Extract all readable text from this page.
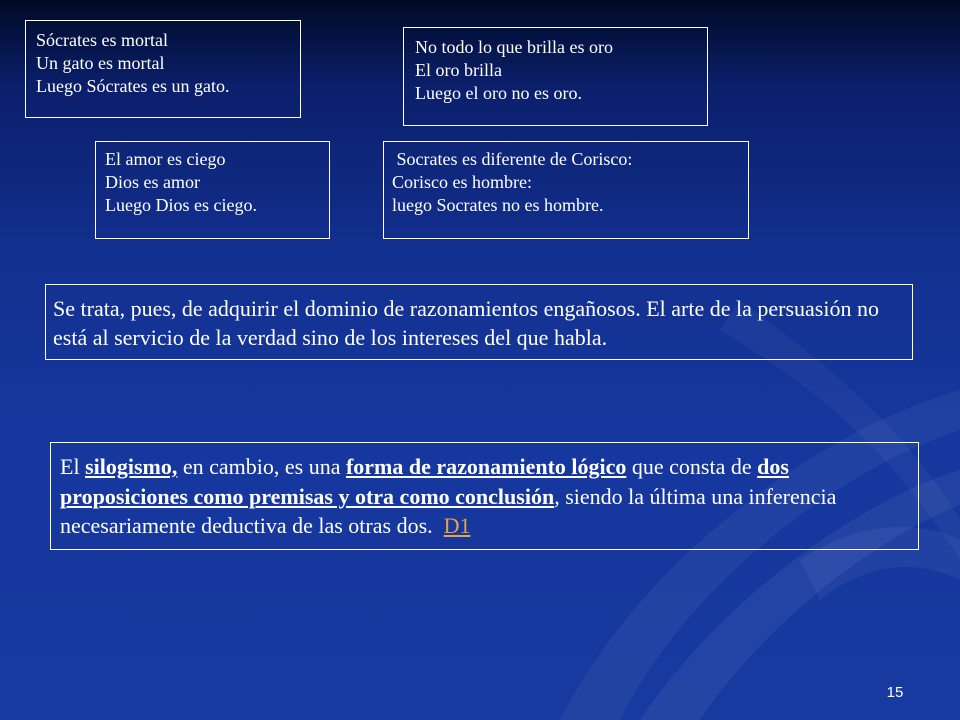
Sócrates es mortal
Un gato es mortal
Luego Sócrates es un gato.
No todo lo que brilla es oro
El oro brilla
Luego el oro no es oro.
El amor es ciego
Dios es amor
Luego Dios es ciego.
Socrates es diferente de Corisco:
Corisco es hombre:
luego Socrates no es hombre.
Se trata, pues, de adquirir el dominio de razonamientos engañosos. El arte de la persuasión no está al servicio de la verdad sino de los intereses del que habla.
El silogismo, en cambio, es una forma de razonamiento lógico que consta de dos proposiciones como premisas y otra como conclusión, siendo la última una inferencia necesariamente deductiva de las otras dos.  D1
15
